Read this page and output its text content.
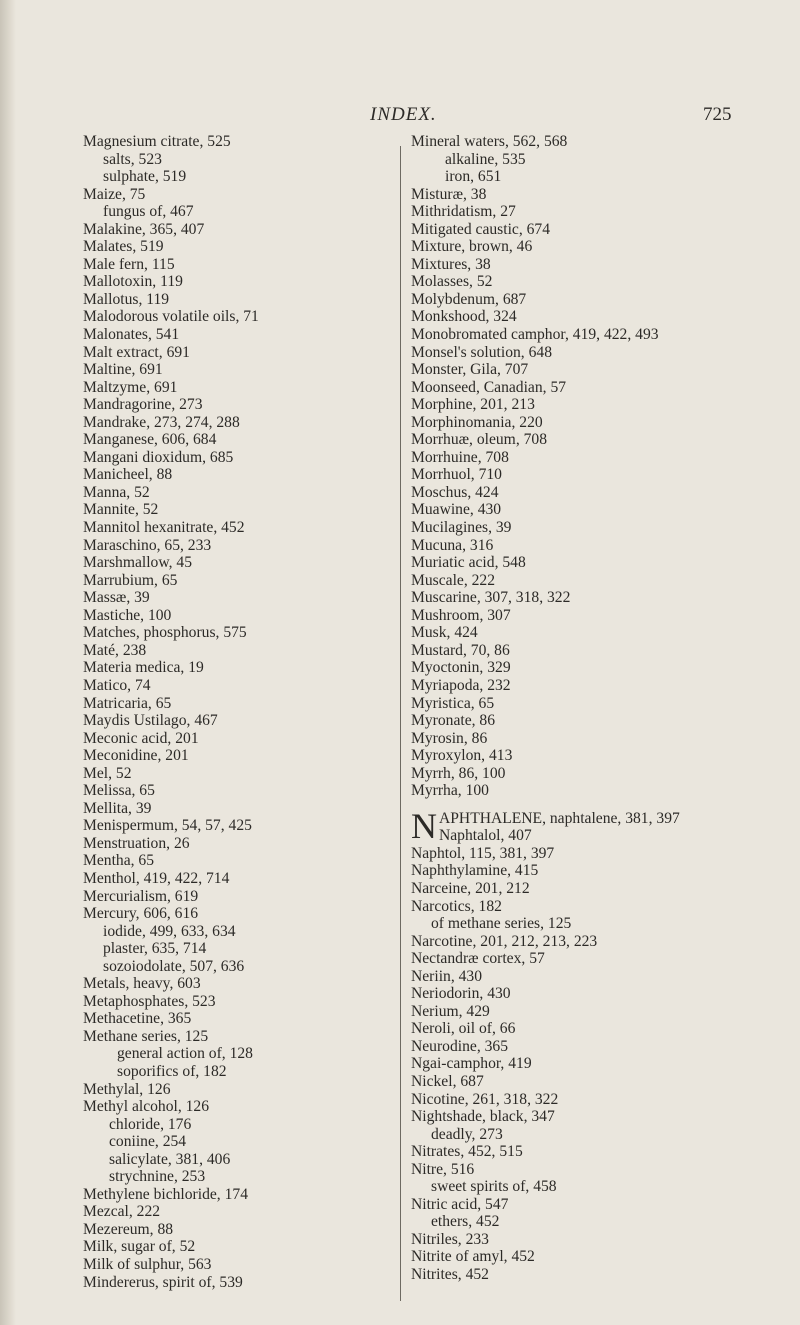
INDEX.	725
Magnesium citrate, 525
salts, 523
sulphate, 519
Maize, 75
fungus of, 467
Malakine, 365, 407
Malates, 519
Male fern, 115
Mallotoxin, 119
Mallotus, 119
Malodorous volatile oils, 71
Malonates, 541
Malt extract, 691
Maltine, 691
Maltzyme, 691
Mandragorine, 273
Mandrake, 273, 274, 288
Manganese, 606, 684
Mangani dioxidum, 685
Manicheel, 88
Manna, 52
Mannite, 52
Mannitol hexanitrate, 452
Maraschino, 65, 233
Marshmallow, 45
Marrubium, 65
Massæ, 39
Mastiche, 100
Matches, phosphorus, 575
Maté, 238
Materia medica, 19
Matico, 74
Matricaria, 65
Maydis Ustilago, 467
Meconic acid, 201
Meconidine, 201
Mel, 52
Melissa, 65
Mellita, 39
Menispermum, 54, 57, 425
Menstruation, 26
Mentha, 65
Menthol, 419, 422, 714
Mercurialism, 619
Mercury, 606, 616
iodide, 499, 633, 634
plaster, 635, 714
sozoiodolate, 507, 636
Metals, heavy, 603
Metaphosphates, 523
Methacetine, 365
Methane series, 125
general action of, 128
soporifics of, 182
Methylal, 126
Methyl alcohol, 126
chloride, 176
coniine, 254
salicylate, 381, 406
strychnine, 253
Methylene bichloride, 174
Mezcal, 222
Mezereum, 88
Milk, sugar of, 52
Milk of sulphur, 563
Mindererus, spirit of, 539
Mineral waters, 562, 568
alkaline, 535
iron, 651
Misturæ, 38
Mithridatism, 27
Mitigated caustic, 674
Mixture, brown, 46
Mixtures, 38
Molasses, 52
Molybdenum, 687
Monkshood, 324
Monobromated camphor, 419, 422, 493
Monsel's solution, 648
Monster, Gila, 707
Moonseed, Canadian, 57
Morphine, 201, 213
Morphinomania, 220
Morrhuæ, oleum, 708
Morrhuine, 708
Morrhuol, 710
Moschus, 424
Muawine, 430
Mucilagines, 39
Mucuna, 316
Muriatic acid, 548
Muscale, 222
Muscarine, 307, 318, 322
Mushroom, 307
Musk, 424
Mustard, 70, 86
Myoctonin, 329
Myriapoda, 232
Myristica, 65
Myronate, 86
Myrosin, 86
Myroxylon, 413
Myrrh, 86, 100
Myrrha, 100
NAPHTHALENE, naphtalene, 381, 397
Naphtalol, 407
Naphtol, 115, 381, 397
Naphthylamine, 415
Narceine, 201, 212
Narcotics, 182
of methane series, 125
Narcotine, 201, 212, 213, 223
Nectandræ cortex, 57
Neriin, 430
Neriodorin, 430
Nerium, 429
Neroli, oil of, 66
Neurodine, 365
Ngai-camphor, 419
Nickel, 687
Nicotine, 261, 318, 322
Nightshade, black, 347
deadly, 273
Nitrates, 452, 515
Nitre, 516
sweet spirits of, 458
Nitric acid, 547
ethers, 452
Nitriles, 233
Nitrite of amyl, 452
Nitrites, 452
